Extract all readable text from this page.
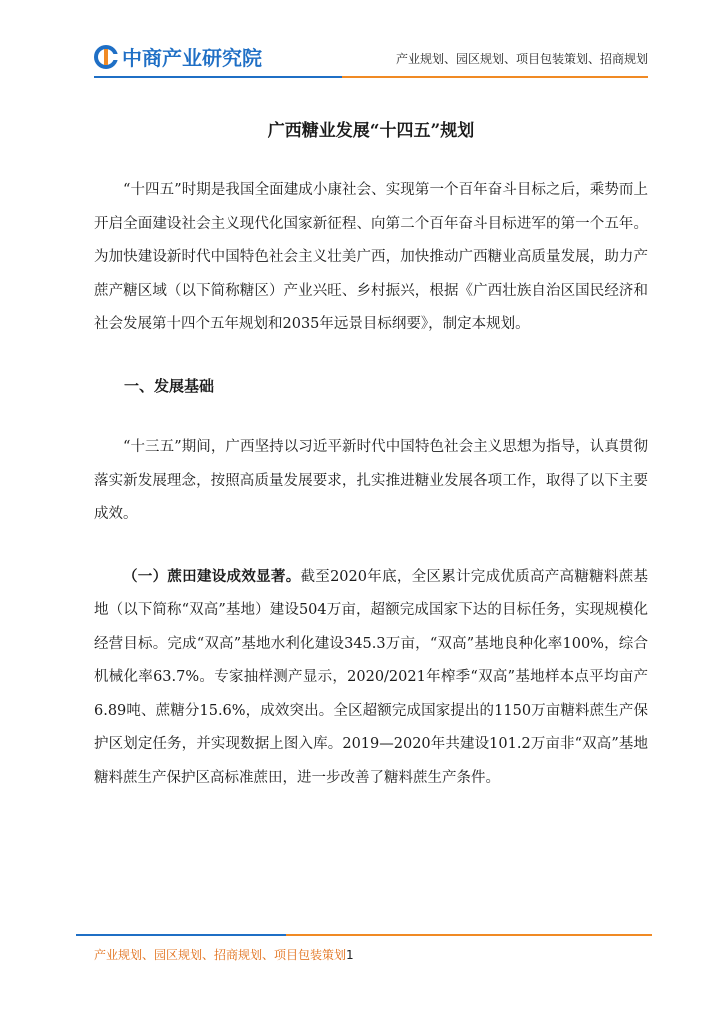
中商产业研究院	产业规划、园区规划、项目包装策划、招商规划
广西糖业发展“十四五”规划

“十四五”时期是我国全面建成小康社会、实现第一个百年奋斗目标之后，乘势而上开启全面建设社会主义现代化国家新征程、向第二个百年奋斗目标进军的第一个五年。为加快建设新时代中国特色社会主义壮美广西，加快推动广西糖业高质量发展，助力产蔗产糖区域（以下简称糖区）产业兴旺、乡村振兴，根据《广西壮族自治区国民经济和社会发展第十四个五年规划和2035年远景目标纲要》，制定本规划。

一、发展基础

“十三五”期间，广西坚持以习近平新时代中国特色社会主义思想为指导，认真贯彻落实新发展理念，按照高质量发展要求，扎实推进糖业发展各项工作，取得了以下主要成效。

（一）蔗田建设成效显著。截至2020年底，全区累计完成优质高产高糖糖料蔗基地（以下简称“双高”基地）建设504万亩，超额完成国家下达的目标任务，实现规模化经营目标。完成“双高”基地水利化建设345.3万亩，“双高”基地良种化率100%，综合机械化率63.7%。专家抽样测产显示，2020/2021年榨季“双高”基地样本点平均亩产6.89吨、蔗糖分15.6%，成效突出。全区超额完成国家提出的1150万亩糖料蔗生产保护区划定任务，并实现数据上图入库。2019—2020年共建设101.2万亩非“双高”基地糖料蔗生产保护区高标准蔗田，进一步改善了糖料蔗生产条件。

产业规划、园区规划、招商规划、项目包装策划1
